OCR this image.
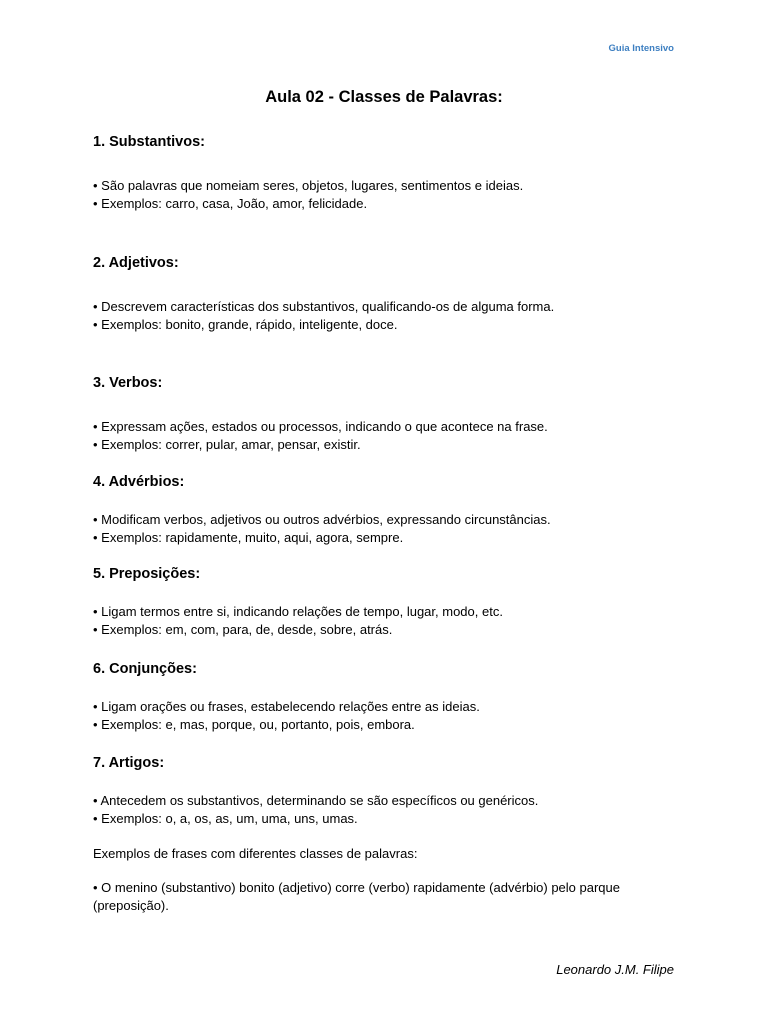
Guia Intensivo
Aula 02 - Classes de Palavras:
1. Substantivos:
• São palavras que nomeiam seres, objetos, lugares, sentimentos e ideias.
• Exemplos: carro, casa, João, amor, felicidade.
2. Adjetivos:
• Descrevem características dos substantivos, qualificando-os de alguma forma.
• Exemplos: bonito, grande, rápido, inteligente, doce.
3. Verbos:
• Expressam ações, estados ou processos, indicando o que acontece na frase.
• Exemplos: correr, pular, amar, pensar, existir.
4. Advérbios:
• Modificam verbos, adjetivos ou outros advérbios, expressando circunstâncias.
• Exemplos: rapidamente, muito, aqui, agora, sempre.
5. Preposições:
• Ligam termos entre si, indicando relações de tempo, lugar, modo, etc.
• Exemplos: em, com, para, de, desde, sobre, atrás.
6. Conjunções:
• Ligam orações ou frases, estabelecendo relações entre as ideias.
• Exemplos: e, mas, porque, ou, portanto, pois, embora.
7. Artigos:
• Antecedem os substantivos, determinando se são específicos ou genéricos.
• Exemplos: o, a, os, as, um, uma, uns, umas.
Exemplos de frases com diferentes classes de palavras:
• O menino (substantivo) bonito (adjetivo) corre (verbo) rapidamente (advérbio) pelo parque (preposição).
Leonardo J.M. Filipe
